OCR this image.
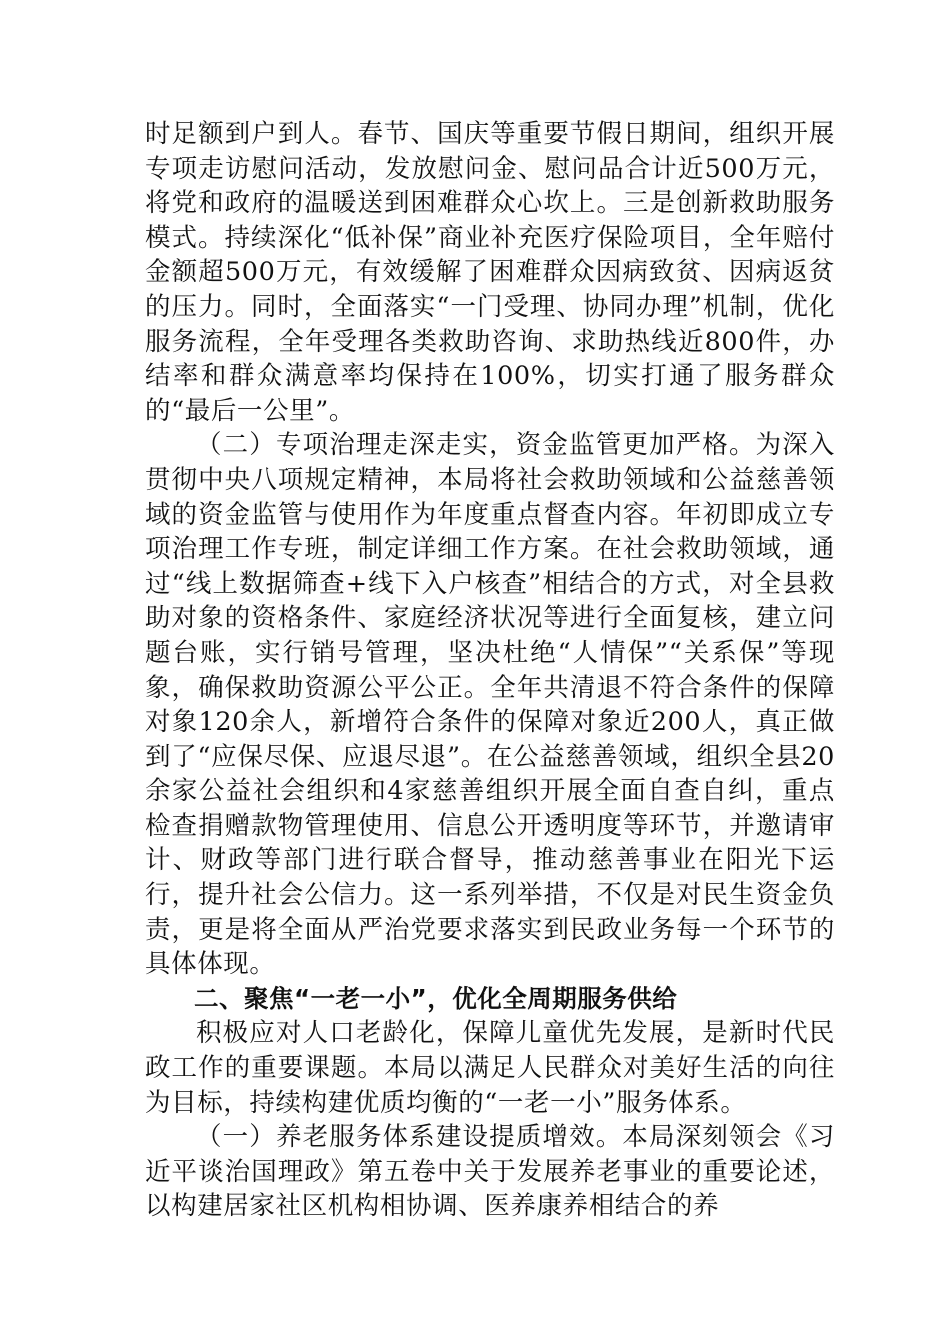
时足额到户到人。春节、国庆等重要节假日期间，组织开展专项走访慰问活动，发放慰问金、慰问品合计近500万元，将党和政府的温暖送到困难群众心坎上。三是创新救助服务模式。持续深化“低补保”商业补充医疗保险项目，全年赔付金额超500万元，有效缓解了困难群众因病致贫、因病返贫的压力。同时，全面落实“一门受理、协同办理”机制，优化服务流程，全年受理各类救助咨询、求助热线近800件，办结率和群众满意率均保持在100%，切实打通了服务群众的“最后一公里”。

（二）专项治理走深走实，资金监管更加严格。为深入贯彻中央八项规定精神，本局将社会救助领域和公益慈善领域的资金监管与使用作为年度重点督查内容。年初即成立专项治理工作专班，制定详细工作方案。在社会救助领域，通过“线上数据筛查+线下入户核查”相结合的方式，对全县救助对象的资格条件、家庭经济状况等进行全面复核，建立问题台账，实行销号管理，坚决杜绝“人情保”“关系保”等现象，确保救助资源公平公正。全年共清退不符合条件的保障对象120余人，新增符合条件的保障对象近200人，真正做到了“应保尽保、应退尽退”。在公益慈善领域，组织全县20余家公益社会组织和4家慈善组织开展全面自查自纠，重点检查捐赠款物管理使用、信息公开透明度等环节，并邀请审计、财政等部门进行联合督导，推动慈善事业在阳光下运行，提升社会公信力。这一系列举措，不仅是对民生资金负责，更是将全面从严治党要求落实到民政业务每一个环节的具体体现。

二、聚焦“一老一小”，优化全周期服务供给

积极应对人口老龄化，保障儿童优先发展，是新时代民政工作的重要课题。本局以满足人民群众对美好生活的向往为目标，持续构建优质均衡的“一老一小”服务体系。

（一）养老服务体系建设提质增效。本局深刻领会《习近平谈治国理政》第五卷中关于发展养老事业的重要论述，以构建居家社区机构相协调、医养康养相结合的养
